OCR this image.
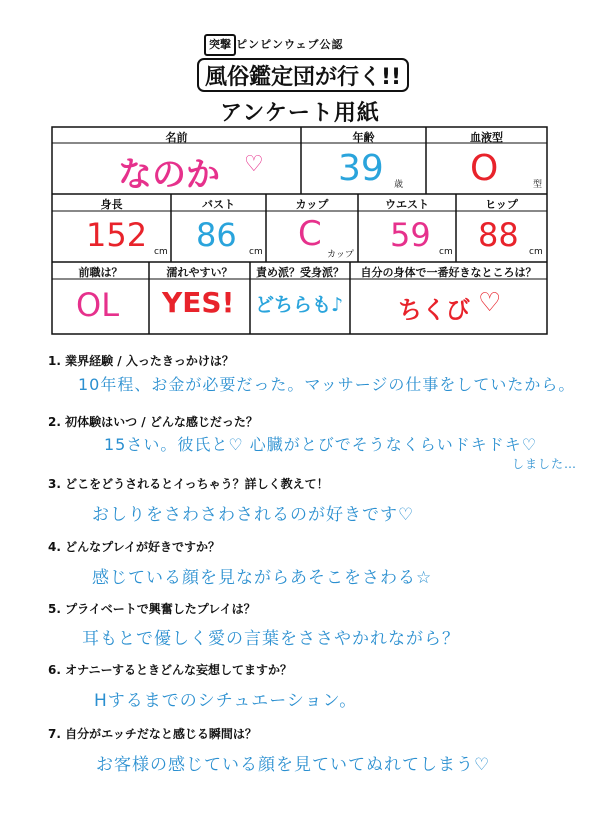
突撃 ピンピンウェブ公認
風俗鑑定団が行く!!
アンケート用紙
名前
なのか ♡
年齢
39 歳
血液型
O	型
身長
152 cm
バスト
86 cm
カップ
C
カップ
ウエスト
59 cm
ヒップ
88 cm
前職は？
OL
濡れやすい？
YES!
責め派？受身派？
どちらも♪
自分の身体で一番好きなところは？
ちくび ♡
1. 業界経験 / 入ったきっかけは？
10年程、お金が必要だった。マッサージの仕事をしていたから。
2. 初体験はいつ / どんな感じだった？
15さい。彼氏と♡ 心臓がとびでそうなくらいドキドキ♡
しました…
3. どこをどうされるとイっちゃう？詳しく教えて！
おしりをさわさわされるのが好きです♡
4. どんなプレイが好きですか？
感じている顔を見ながらあそこをさわる☆
5. プライベートで興奮したプレイは？
耳もとで優しく愛の言葉をささやかれながら？
6. オナニーするときどんな妄想してますか？
Hするまでのシチュエーション。
7. 自分がエッチだなと感じる瞬間は？
お客様の感じている顔を見ていてぬれてしまう♡
